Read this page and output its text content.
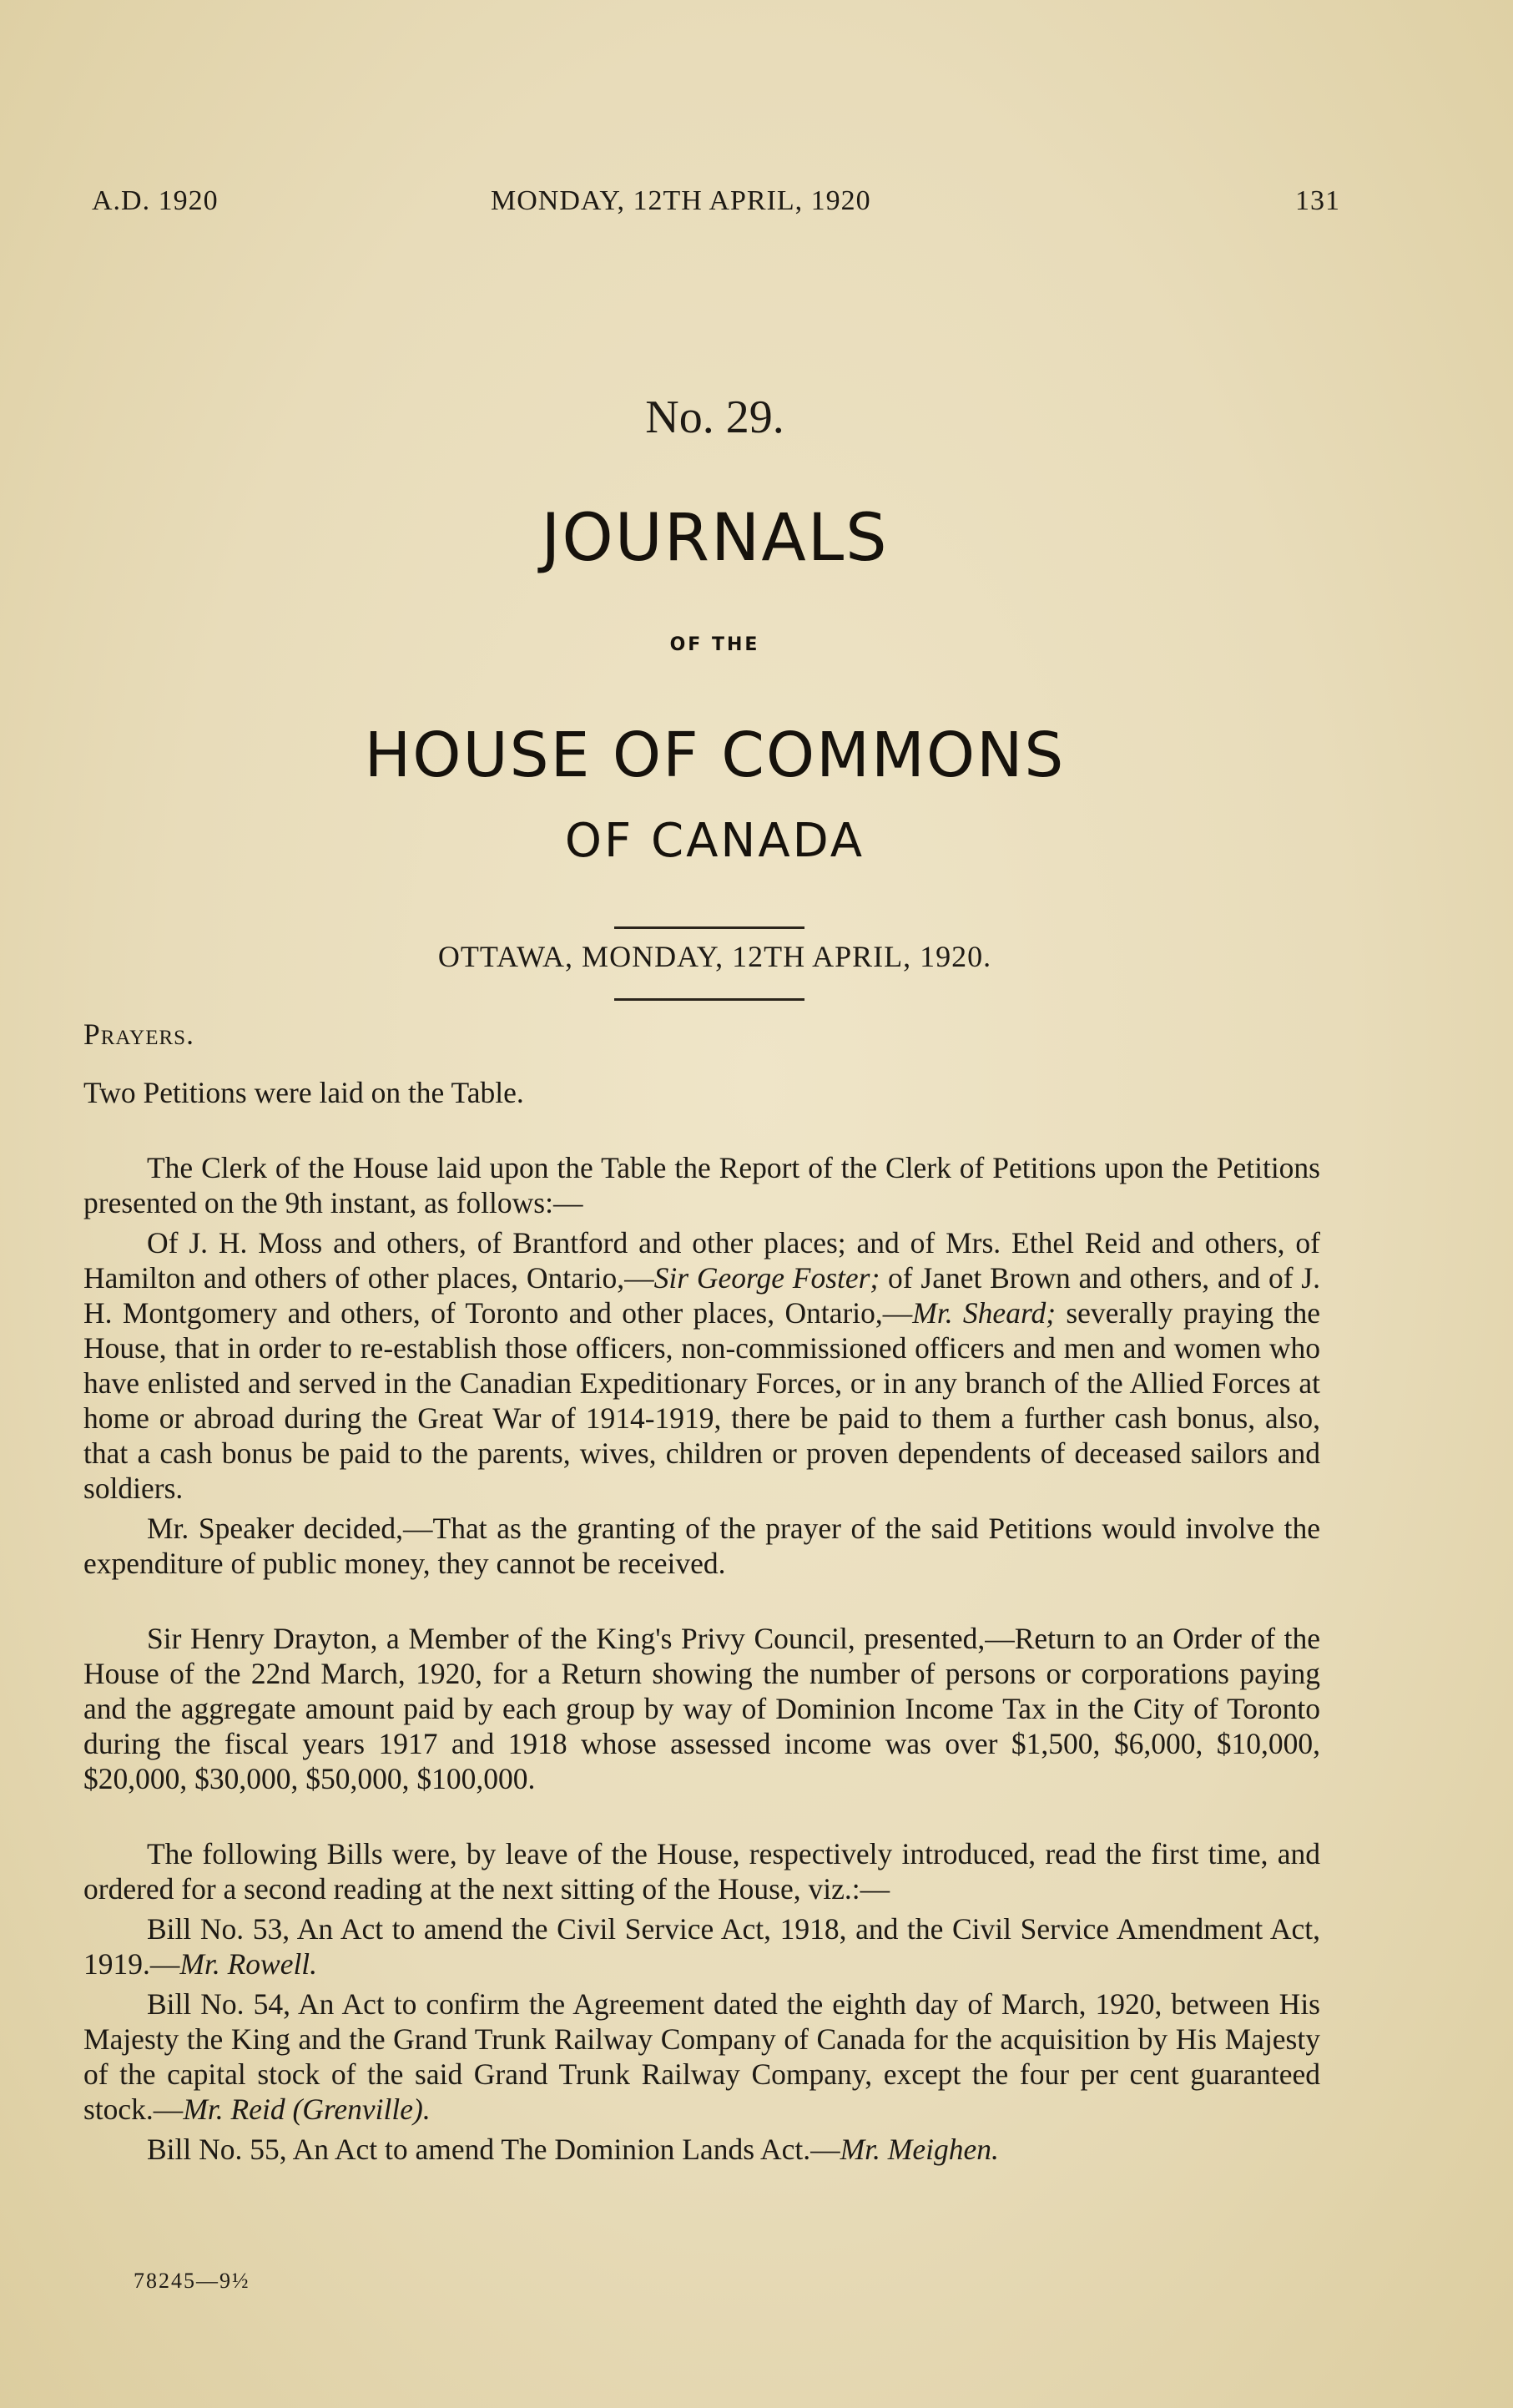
A.D. 1920	MONDAY, 12TH APRIL, 1920	131
No. 29.
JOURNALS
OF THE
HOUSE OF COMMONS
OF CANADA
OTTAWA, MONDAY, 12TH APRIL, 1920.

Prayers.

Two Petitions were laid on the Table.

The Clerk of the House laid upon the Table the Report of the Clerk of Petitions upon the Petitions presented on the 9th instant, as follows:—

Of J. H. Moss and others, of Brantford and other places; and of Mrs. Ethel Reid and others, of Hamilton and others of other places, Ontario,—Sir George Foster; of Janet Brown and others, and of J. H. Montgomery and others, of Toronto and other places, Ontario,—Mr. Sheard; severally praying the House, that in order to re-establish those officers, non-commissioned officers and men and women who have enlisted and served in the Canadian Expeditionary Forces, or in any branch of the Allied Forces at home or abroad during the Great War of 1914-1919, there be paid to them a further cash bonus, also, that a cash bonus be paid to the parents, wives, children or proven dependents of deceased sailors and soldiers.

Mr. Speaker decided,—That as the granting of the prayer of the said Petitions would involve the expenditure of public money, they cannot be received.

Sir Henry Drayton, a Member of the King's Privy Council, presented,—Return to an Order of the House of the 22nd March, 1920, for a Return showing the number of persons or corporations paying and the aggregate amount paid by each group by way of Dominion Income Tax in the City of Toronto during the fiscal years 1917 and 1918 whose assessed income was over $1,500, $6,000, $10,000, $20,000, $30,000, $50,000, $100,000.

The following Bills were, by leave of the House, respectively introduced, read the first time, and ordered for a second reading at the next sitting of the House, viz.:—

Bill No. 53, An Act to amend the Civil Service Act, 1918, and the Civil Service Amendment Act, 1919.—Mr. Rowell.

Bill No. 54, An Act to confirm the Agreement dated the eighth day of March, 1920, between His Majesty the King and the Grand Trunk Railway Company of Canada for the acquisition by His Majesty of the capital stock of the said Grand Trunk Railway Company, except the four per cent guaranteed stock.—Mr. Reid (Grenville).

Bill No. 55, An Act to amend The Dominion Lands Act.—Mr. Meighen.

78245—9½
